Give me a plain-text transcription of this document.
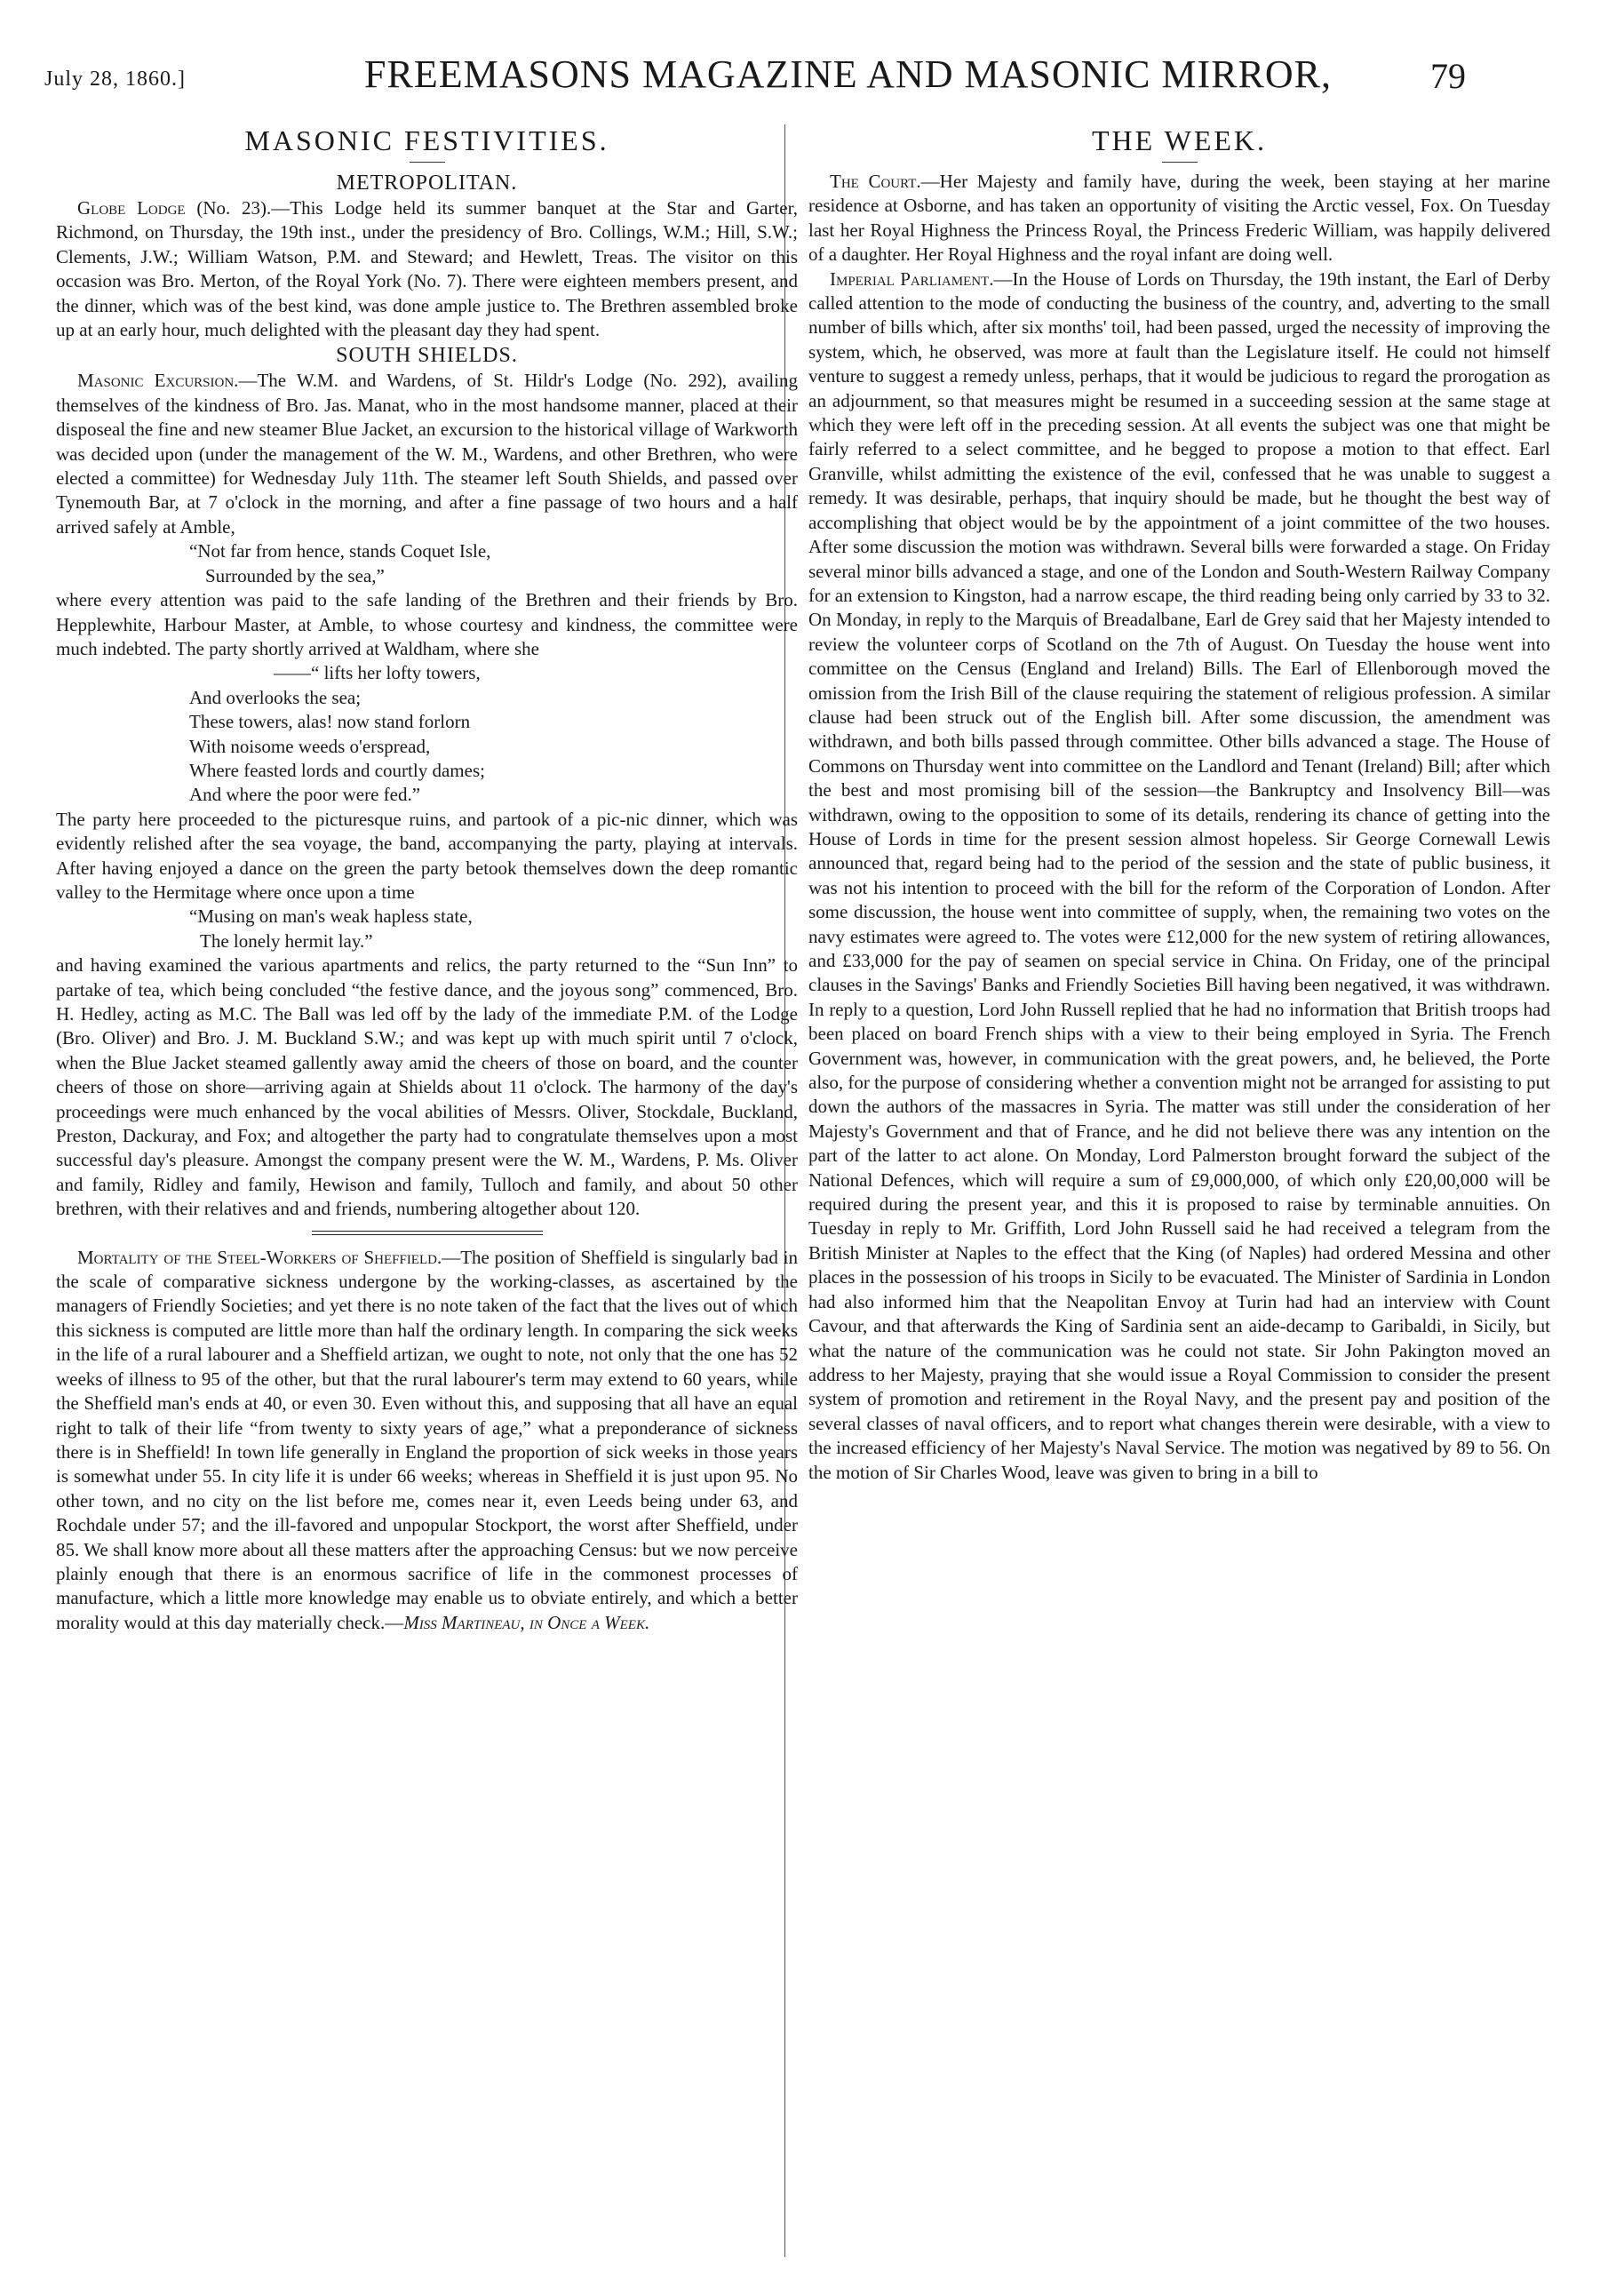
July 28, 1860.]	FREEMASONS MAGAZINE AND MASONIC MIRROR,	79
MASONIC FESTIVITIES.
METROPOLITAN.

Globe Lodge (No. 23).—This Lodge held its summer banquet at the Star and Garter, Richmond, on Thursday, the 19th inst., under the presidency of Bro. Collings, W.M.; Hill, S.W.; Clements, J.W.; William Watson, P.M. and Steward; and Hewlett, Treas. The visitor on this occasion was Bro. Merton, of the Royal York (No. 7). There were eighteen members present, and the dinner, which was of the best kind, was done ample justice to. The Brethren assembled broke up at an early hour, much delighted with the pleasant day they had spent.

SOUTH SHIELDS.

Masonic Excursion.—The W.M. and Wardens, of St. Hildr's Lodge (No. 292), availing themselves of the kindness of Bro. Jas. Manat, who in the most handsome manner, placed at their disposeal the fine and new steamer Blue Jacket, an excursion to the historical village of Warkworth was decided upon (under the management of the W. M., Wardens, and other Brethren, who were elected a committee) for Wednesday July 11th. The steamer left South Shields, and passed over Tynemouth Bar, at 7 o'clock in the morning, and after a fine passage of two hours and a half arrived safely at Amble,

“Not far from hence, stands Coquet Isle,
Surrounded by the sea,”

where every attention was paid to the safe landing of the Brethren and their friends by Bro. Hepplewhite, Harbour Master, at Amble, to whose courtesy and kindness, the committee were much indebted. The party shortly arrived at Waldham, where she

——“ lifts her lofty towers,
And overlooks the sea;
These towers, alas! now stand forlorn
With noisome weeds o'erspread,
Where feasted lords and courtly dames;
And where the poor were fed.”

The party here proceeded to the picturesque ruins, and partook of a pic-nic dinner, which was evidently relished after the sea voyage, the band, accompanying the party, playing at intervals. After having enjoyed a dance on the green the party betook themselves down the deep romantic valley to the Hermitage where once upon a time

“Musing on man's weak hapless state,
The lonely hermit lay.”

and having examined the various apartments and relics, the party returned to the “Sun Inn” to partake of tea, which being concluded “the festive dance, and the joyous song” commenced, Bro. H. Hedley, acting as M.C. The Ball was led off by the lady of the immediate P.M. of the Lodge (Bro. Oliver) and Bro. J. M. Buckland S.W.; and was kept up with much spirit until 7 o'clock, when the Blue Jacket steamed gallently away amid the cheers of those on board, and the counter cheers of those on shore—arriving again at Shields about 11 o'clock. The harmony of the day's proceedings were much enhanced by the vocal abilities of Messrs. Oliver, Stockdale, Buckland, Preston, Dackuray, and Fox; and altogether the party had to congratulate themselves upon a most successful day's pleasure. Amongst the company present were the W. M., Wardens, P. Ms. Oliver and family, Ridley and family, Hewison and family, Tulloch and family, and about 50 other brethren, with their relatives and and friends, numbering altogether about 120.

Mortality of the Steel-Workers of Sheffield.—The position of Sheffield is singularly bad in the scale of comparative sickness undergone by the working-classes, as ascertained by the managers of Friendly Societies; and yet there is no note taken of the fact that the lives out of which this sickness is computed are little more than half the ordinary length. In comparing the sick weeks in the life of a rural labourer and a Sheffield artizan, we ought to note, not only that the one has 52 weeks of illness to 95 of the other, but that the rural labourer's term may extend to 60 years, while the Sheffield man's ends at 40, or even 30. Even without this, and supposing that all have an equal right to talk of their life “from twenty to sixty years of age,” what a preponderance of sickness there is in Sheffield! In town life generally in England the proportion of sick weeks in those years is somewhat under 55. In city life it is under 66 weeks; whereas in Sheffield it is just upon 95. No other town, and no city on the list before me, comes near it, even Leeds being under 63, and Rochdale under 57; and the ill-favored and unpopular Stockport, the worst after Sheffield, under 85. We shall know more about all these matters after the approaching Census: but we now perceive plainly enough that there is an enormous sacrifice of life in the commonest processes of manufacture, which a little more knowledge may enable us to obviate entirely, and which a better morality would at this day materially check.—Miss Martineau, in Once a Week.

THE WEEK.

The Court.—Her Majesty and family have, during the week, been staying at her marine residence at Osborne, and has taken an opportunity of visiting the Arctic vessel, Fox. On Tuesday last her Royal Highness the Princess Royal, the Princess Frederic William, was happily delivered of a daughter. Her Royal Highness and the royal infant are doing well.

Imperial Parliament.—In the House of Lords on Thursday, the 19th instant, the Earl of Derby called attention to the mode of conducting the business of the country, and, adverting to the small number of bills which, after six months' toil, had been passed, urged the necessity of improving the system, which, he observed, was more at fault than the Legislature itself. He could not himself venture to suggest a remedy unless, perhaps, that it would be judicious to regard the prorogation as an adjournment, so that measures might be resumed in a succeeding session at the same stage at which they were left off in the preceding session. At all events the subject was one that might be fairly referred to a select committee, and he begged to propose a motion to that effect. Earl Granville, whilst admitting the existence of the evil, confessed that he was unable to suggest a remedy. It was desirable, perhaps, that inquiry should be made, but he thought the best way of accomplishing that object would be by the appointment of a joint committee of the two houses. After some discussion the motion was withdrawn. Several bills were forwarded a stage. On Friday several minor bills advanced a stage, and one of the London and South-Western Railway Company for an extension to Kingston, had a narrow escape, the third reading being only carried by 33 to 32. On Monday, in reply to the Marquis of Breadalbane, Earl de Grey said that her Majesty intended to review the volunteer corps of Scotland on the 7th of August. On Tuesday the house went into committee on the Census (England and Ireland) Bills. The Earl of Ellenborough moved the omission from the Irish Bill of the clause requiring the statement of religious profession. A similar clause had been struck out of the English bill. After some discussion, the amendment was withdrawn, and both bills passed through committee. Other bills advanced a stage. The House of Commons on Thursday went into committee on the Landlord and Tenant (Ireland) Bill; after which the best and most promising bill of the session—the Bankruptcy and Insolvency Bill—was withdrawn, owing to the opposition to some of its details, rendering its chance of getting into the House of Lords in time for the present session almost hopeless. Sir George Cornewall Lewis announced that, regard being had to the period of the session and the state of public business, it was not his intention to proceed with the bill for the reform of the Corporation of London. After some discussion, the house went into committee of supply, when, the remaining two votes on the navy estimates were agreed to. The votes were £12,000 for the new system of retiring allowances, and £33,000 for the pay of seamen on special service in China. On Friday, one of the principal clauses in the Savings' Banks and Friendly Societies Bill having been negatived, it was withdrawn. In reply to a question, Lord John Russell replied that he had no information that British troops had been placed on board French ships with a view to their being employed in Syria. The French Government was, however, in communication with the great powers, and, he believed, the Porte also, for the purpose of considering whether a convention might not be arranged for assisting to put down the authors of the massacres in Syria. The matter was still under the consideration of her Majesty's Government and that of France, and he did not believe there was any intention on the part of the latter to act alone. On Monday, Lord Palmerston brought forward the subject of the National Defences, which will require a sum of £9,000,000, of which only £20,00,000 will be required during the present year, and this it is proposed to raise by terminable annuities. On Tuesday in reply to Mr. Griffith, Lord John Russell said he had received a telegram from the British Minister at Naples to the effect that the King (of Naples) had ordered Messina and other places in the possession of his troops in Sicily to be evacuated. The Minister of Sardinia in London had also informed him that the Neapolitan Envoy at Turin had had an interview with Count Cavour, and that afterwards the King of Sardinia sent an aide-decamp to Garibaldi, in Sicily, but what the nature of the communication was he could not state. Sir John Pakington moved an address to her Majesty, praying that she would issue a Royal Commission to consider the present system of promotion and retirement in the Royal Navy, and the present pay and position of the several classes of naval officers, and to report what changes therein were desirable, with a view to the increased efficiency of her Majesty's Naval Service. The motion was negatived by 89 to 56. On the motion of Sir Charles Wood, leave was given to bring in a bill to
